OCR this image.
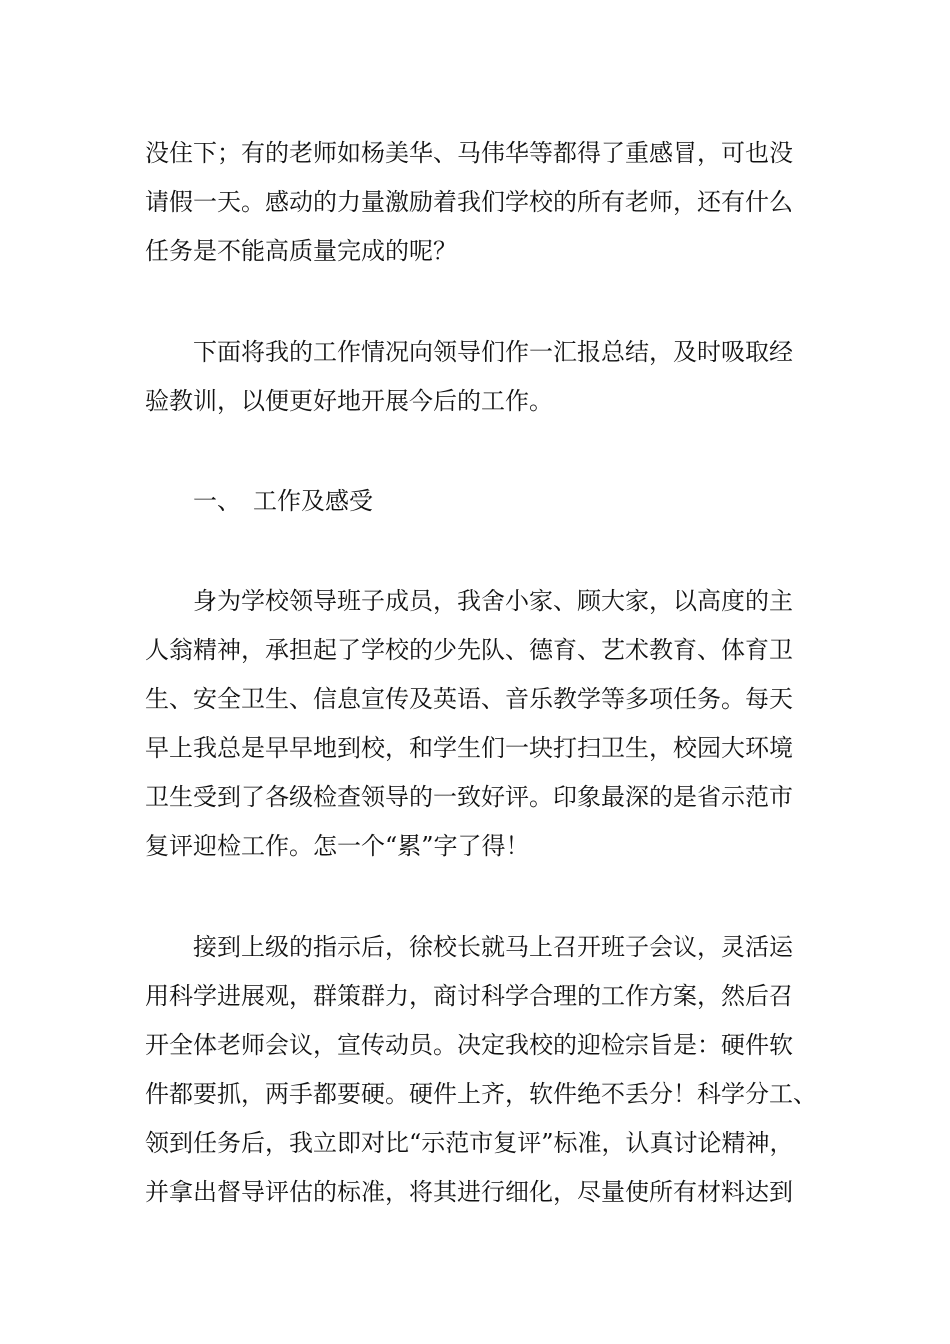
没住下；有的老师如杨美华、马伟华等都得了重感冒，可也没

请假一天。感动的力量激励着我们学校的所有老师，还有什么

任务是不能高质量完成的呢？

下面将我的工作情况向领导们作一汇报总结，及时吸取经

验教训，以便更好地开展今后的工作。

一、 工作及感受

身为学校领导班子成员，我舍小家、顾大家，以高度的主

人翁精神，承担起了学校的少先队、德育、艺术教育、体育卫

生、安全卫生、信息宣传及英语、音乐教学等多项任务。每天

早上我总是早早地到校，和学生们一块打扫卫生，校园大环境

卫生受到了各级检查领导的一致好评。印象最深的是省示范市

复评迎检工作。怎一个“累”字了得！

接到上级的指示后，徐校长就马上召开班子会议，灵活运

用科学进展观，群策群力，商讨科学合理的工作方案，然后召

开全体老师会议，宣传动员。决定我校的迎检宗旨是：硬件软

件都要抓，两手都要硬。硬件上齐，软件绝不丢分！科学分工、

领到任务后，我立即对比“示范市复评”标准，认真讨论精神，

并拿出督导评估的标准，将其进行细化，尽量使所有材料达到
